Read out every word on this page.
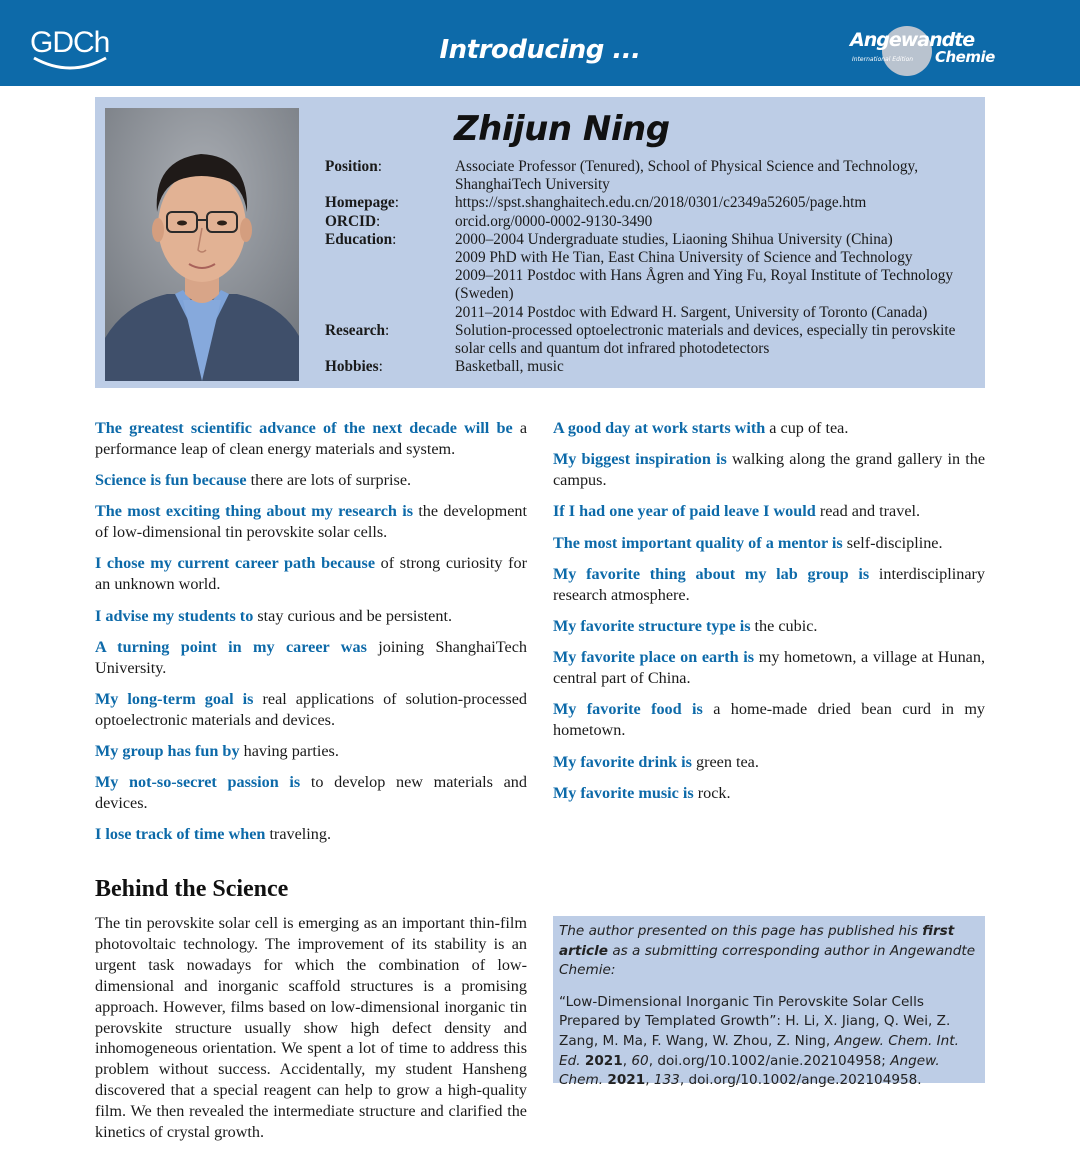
GDCh	Introducing ...	Angewandte
Chemie
International Edition
Zhijun Ning
Position:	Associate Professor (Tenured), School of Physical Science and Technology,
ShanghaiTech University
Homepage:	https://spst.shanghaitech.edu.cn/2018/0301/c2349a52605/page.htm
ORCID:	orcid.org/0000-0002-9130-3490
Education:	2000–2004 Undergraduate studies, Liaoning Shihua University (China)
2009 PhD with He Tian, East China University of Science and Technology
2009–2011 Postdoc with Hans Ågren and Ying Fu, Royal Institute of Technology
(Sweden)
2011–2014 Postdoc with Edward H. Sargent, University of Toronto (Canada)
Research:	Solution-processed optoelectronic materials and devices, especially tin perovskite
solar cells and quantum dot infrared photodetectors
Hobbies:	Basketball, music

The greatest scientific advance of the next decade will be a performance leap of clean energy materials and system.

Science is fun because there are lots of surprise.

The most exciting thing about my research is the development of low-dimensional tin perovskite solar cells.

I chose my current career path because of strong curiosity for an unknown world.

I advise my students to stay curious and be persistent.

A turning point in my career was joining ShanghaiTech University.

My long-term goal is real applications of solution-processed optoelectronic materials and devices.

My group has fun by having parties.

My not-so-secret passion is to develop new materials and devices.

I lose track of time when traveling.

A good day at work starts with a cup of tea.

My biggest inspiration is walking along the grand gallery in the campus.

If I had one year of paid leave I would read and travel.

The most important quality of a mentor is self-discipline.

My favorite thing about my lab group is interdisciplinary research atmosphere.

My favorite structure type is the cubic.

My favorite place on earth is my hometown, a village at Hunan, central part of China.

My favorite food is a home-made dried bean curd in my hometown.

My favorite drink is green tea.

My favorite music is rock.

Behind the Science

The tin perovskite solar cell is emerging as an important thin-film photovoltaic technology. The improvement of its stability is an urgent task nowadays for which the combination of low-dimensional and inorganic scaffold structures is a promising approach. However, films based on low-dimensional inorganic tin perovskite structure usually show high defect density and inhomogeneous orientation. We spent a lot of time to address this problem without success. Accidentally, my student Hansheng discovered that a special reagent can help to grow a high-quality film. We then revealed the intermediate structure and clarified the kinetics of crystal growth.

The author presented on this page has published his first article as a submitting corresponding author in Angewandte Chemie:

“Low-Dimensional Inorganic Tin Perovskite Solar Cells Prepared by Templated Growth”: H. Li, X. Jiang, Q. Wei, Z. Zang, M. Ma, F. Wang, W. Zhou, Z. Ning, Angew. Chem. Int. Ed. 2021, 60, doi.org/10.1002/anie.202104958; Angew. Chem. 2021, 133, doi.org/10.1002/ange.202104958.
